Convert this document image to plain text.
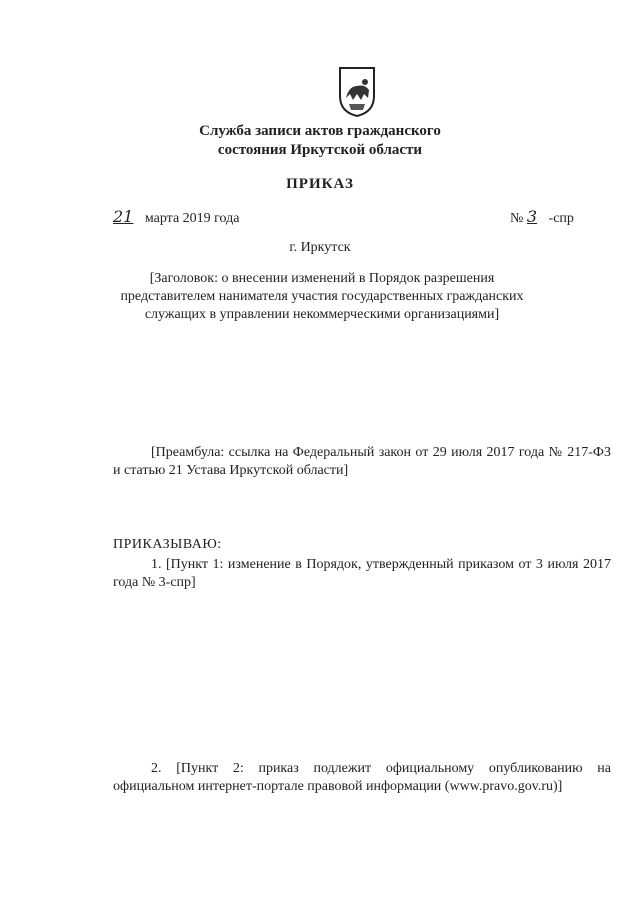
Служба записи актов гражданского
состояния Иркутской области
ПРИКАЗ
21 марта 2019 года	№ 3 -спр
г. Иркутск
[Заголовок: о внесении изменений в Порядок разрешения представителем нанимателя участия государственных гражданских служащих в управлении некоммерческими организациями]
[Преамбула: ссылка на Федеральный закон от 29 июля 2017 года № 217-ФЗ и статью 21 Устава Иркутской области]
ПРИКАЗЫВАЮ:
1. [Пункт 1: изменение в Порядок, утвержденный приказом от 3 июля 2017 года № 3-спр]
2. [Пункт 2: приказ подлежит официальному опубликованию на официальном интернет-портале правовой информации (www.pravo.gov.ru)]
